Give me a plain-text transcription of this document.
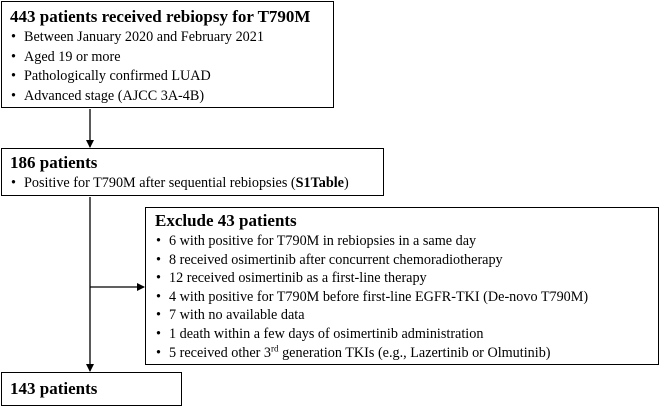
443 patients received rebiopsy for T790M

• Between January 2020 and February 2021
• Aged 19 or more
• Pathologically confirmed LUAD
• Advanced stage (AJCC 3A-4B)

186 patients

• Positive for T790M after sequential rebiopsies (S1Table)

Exclude 43 patients

• 6 with positive for T790M in rebiopsies in a same day
• 8 received osimertinib after concurrent chemoradiotherapy
• 12 received osimertinib as a first-line therapy
• 4 with positive for T790M before first-line EGFR-TKI (De-novo T790M)
• 7 with no available data
• 1 death within a few days of osimertinib administration
• 5 received other 3rd generation TKIs (e.g., Lazertinib or Olmutinib)

143 patients
